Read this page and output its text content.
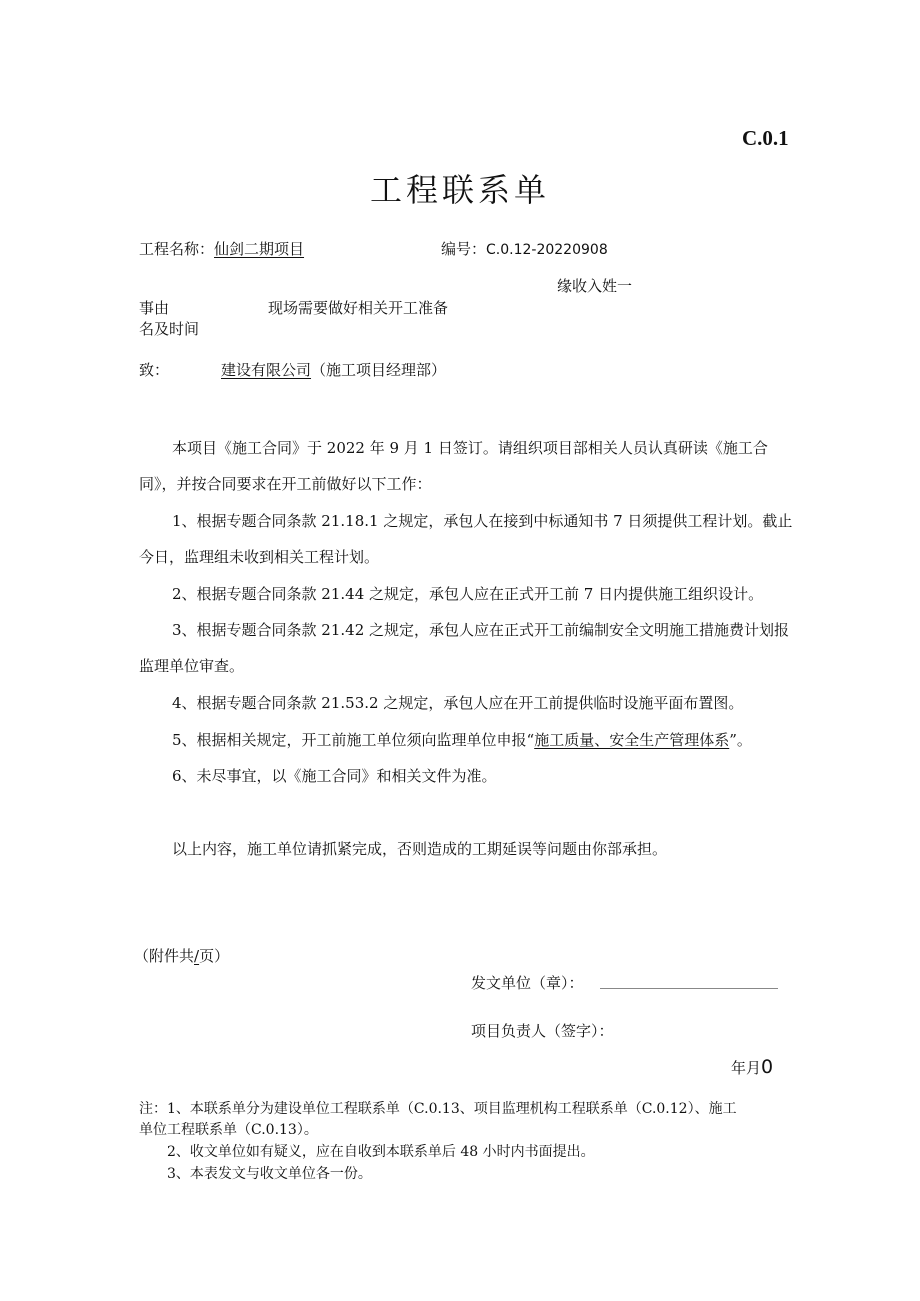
C.0.1
工程联系单
工程名称：仙剑二期项目	编号：C.0.12-20220908
缘收入姓一
事由
名及时间
现场需要做好相关开工准备
致：	建设有限公司（施工项目经理部）
本项目《施工合同》于 2022 年 9 月 1 日签订。请组织项目部相关人员认真研读《施工合
同》，并按合同要求在开工前做好以下工作：
1、根据专题合同条款 21.18.1 之规定，承包人在接到中标通知书 7 日须提供工程计划。截止
今日，监理组未收到相关工程计划。
2、根据专题合同条款 21.44 之规定，承包人应在正式开工前 7 日内提供施工组织设计。
3、根据专题合同条款 21.42 之规定，承包人应在正式开工前编制安全文明施工措施费计划报
监理单位审查。
4、根据专题合同条款 21.53.2 之规定，承包人应在开工前提供临时设施平面布置图。
5、根据相关规定，开工前施工单位须向监理单位申报“施工质量、安全生产管理体系”。
6、未尽事宜，以《施工合同》和相关文件为准。
以上内容，施工单位请抓紧完成，否则造成的工期延误等问题由你部承担。
（附件共/页）
发文单位（章）：
项目负责人（签字）：
年月0
注：1、本联系单分为建设单位工程联系单（C.0.13、项目监理机构工程联系单（C.0.12）、施工
单位工程联系单（C.0.13）。
2、收文单位如有疑义，应在自收到本联系单后 48 小时内书面提出。
3、本表发文与收文单位各一份。
